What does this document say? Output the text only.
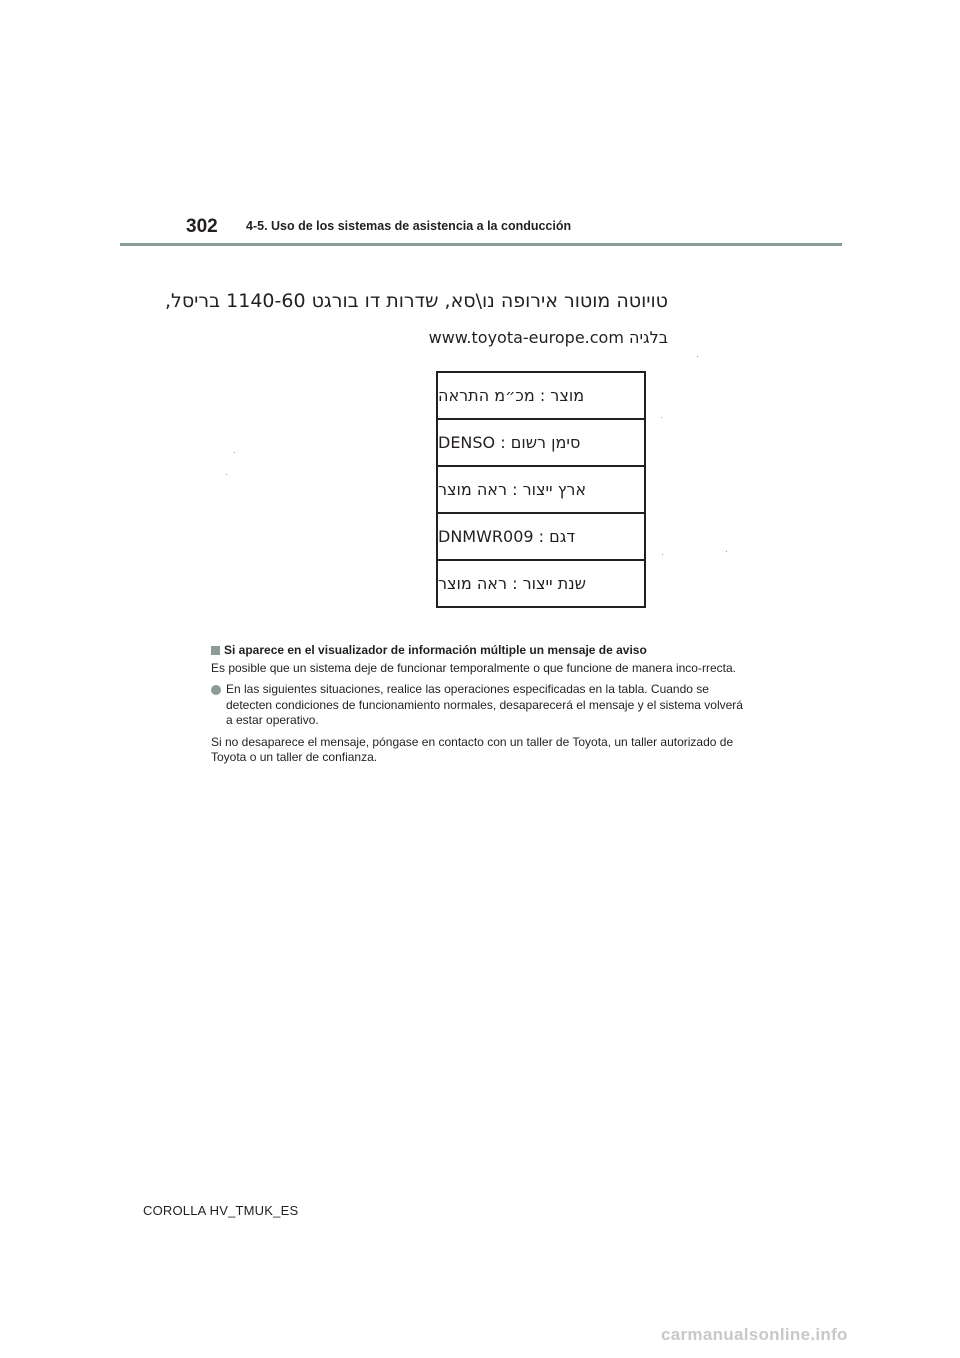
302 4-5. Uso de los sistemas de asistencia a la conducción
טויוטה מוטור אירופה נו\סא, שדרות דו בורגט 1140-60 בריסל,
בלגיה www.toyota-europe.com
מוצר : מכ״מ התראה
סימן רשום : DENSO
ארץ ייצור : ראה מוצר
דגם : DNMWR009
שנת ייצור : ראה מוצר
Si aparece en el visualizador de información múltiple un mensaje de aviso

Es posible que un sistema deje de funcionar temporalmente o que funcione de manera inco-rrecta.

En las siguientes situaciones, realice las operaciones especificadas en la tabla. Cuando se detecten condiciones de funcionamiento normales, desaparecerá el mensaje y el sistema volverá a estar operativo.

Si no desaparece el mensaje, póngase en contacto con un taller de Toyota, un taller autorizado de Toyota o un taller de confianza.

COROLLA HV_TMUK_ES
carmanualsonline.info
